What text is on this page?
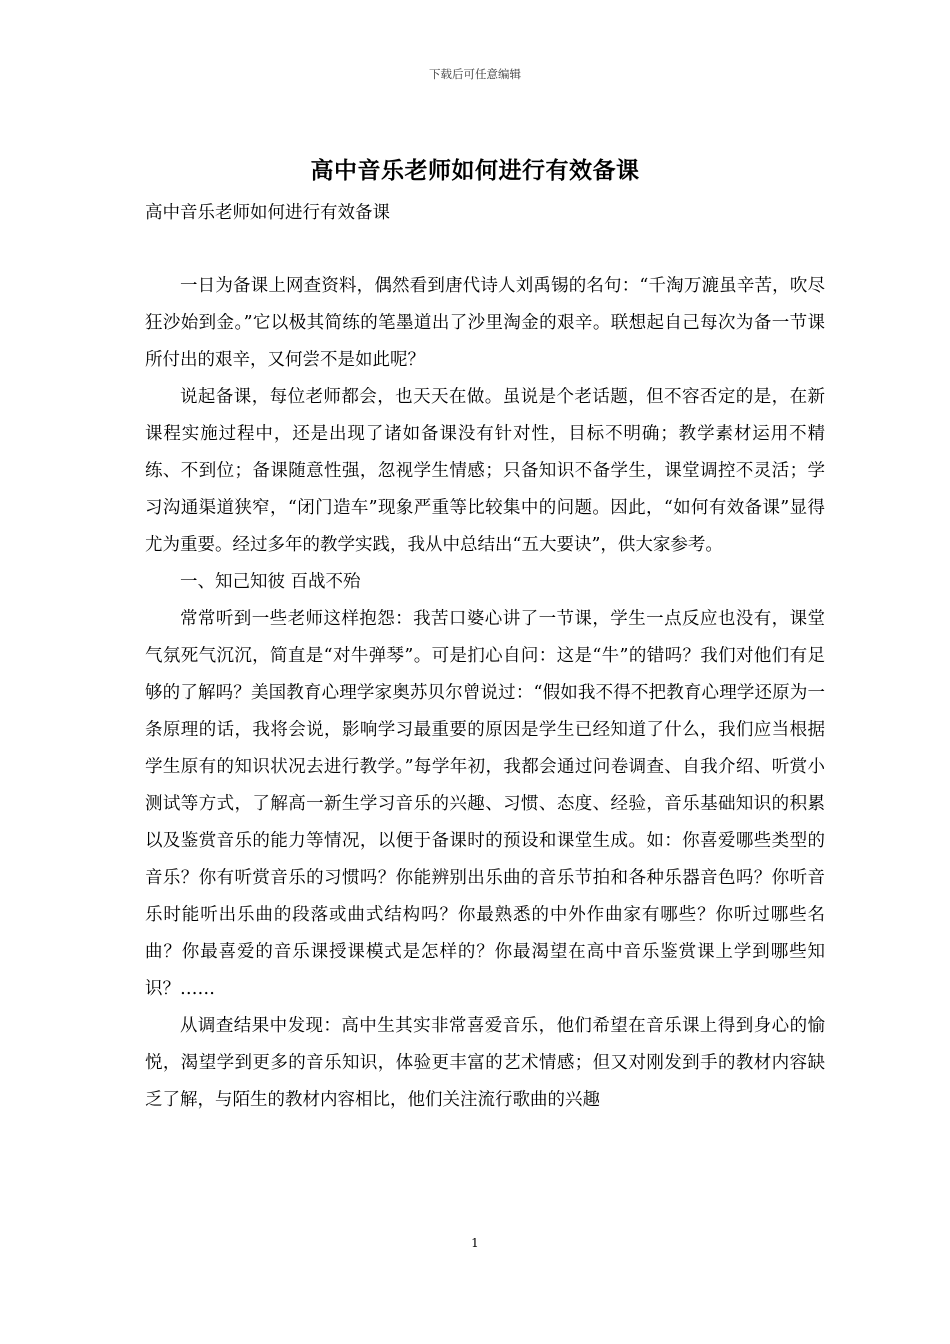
下载后可任意编辑
高中音乐老师如何进行有效备课
高中音乐老师如何进行有效备课

一日为备课上网查资料，偶然看到唐代诗人刘禹锡的名句：“千淘万漉虽辛苦，吹尽狂沙始到金。”它以极其简练的笔墨道出了沙里淘金的艰辛。联想起自己每次为备一节课所付出的艰辛，又何尝不是如此呢？

说起备课，每位老师都会，也天天在做。虽说是个老话题，但不容否定的是，在新课程实施过程中，还是出现了诸如备课没有针对性，目标不明确；教学素材运用不精练、不到位；备课随意性强，忽视学生情感；只备知识不备学生，课堂调控不灵活；学习沟通渠道狭窄，“闭门造车”现象严重等比较集中的问题。因此，“如何有效备课”显得尤为重要。经过多年的教学实践，我从中总结出“五大要诀”，供大家参考。

一、知己知彼 百战不殆

常常听到一些老师这样抱怨：我苦口婆心讲了一节课，学生一点反应也没有，课堂气氛死气沉沉，简直是“对牛弹琴”。可是扪心自问：这是“牛”的错吗？我们对他们有足够的了解吗？美国教育心理学家奥苏贝尔曾说过：“假如我不得不把教育心理学还原为一条原理的话，我将会说，影响学习最重要的原因是学生已经知道了什么，我们应当根据学生原有的知识状况去进行教学。”每学年初，我都会通过问卷调查、自我介绍、听赏小测试等方式，了解高一新生学习音乐的兴趣、习惯、态度、经验，音乐基础知识的积累以及鉴赏音乐的能力等情况，以便于备课时的预设和课堂生成。如：你喜爱哪些类型的音乐？你有听赏音乐的习惯吗？你能辨别出乐曲的音乐节拍和各种乐器音色吗？你听音乐时能听出乐曲的段落或曲式结构吗？你最熟悉的中外作曲家有哪些？你听过哪些名曲？你最喜爱的音乐课授课模式是怎样的？你最渴望在高中音乐鉴赏课上学到哪些知识？……

从调查结果中发现：高中生其实非常喜爱音乐，他们希望在音乐课上得到身心的愉悦，渴望学到更多的音乐知识，体验更丰富的艺术情感；但又对刚发到手的教材内容缺乏了解，与陌生的教材内容相比，他们关注流行歌曲的兴趣

1
